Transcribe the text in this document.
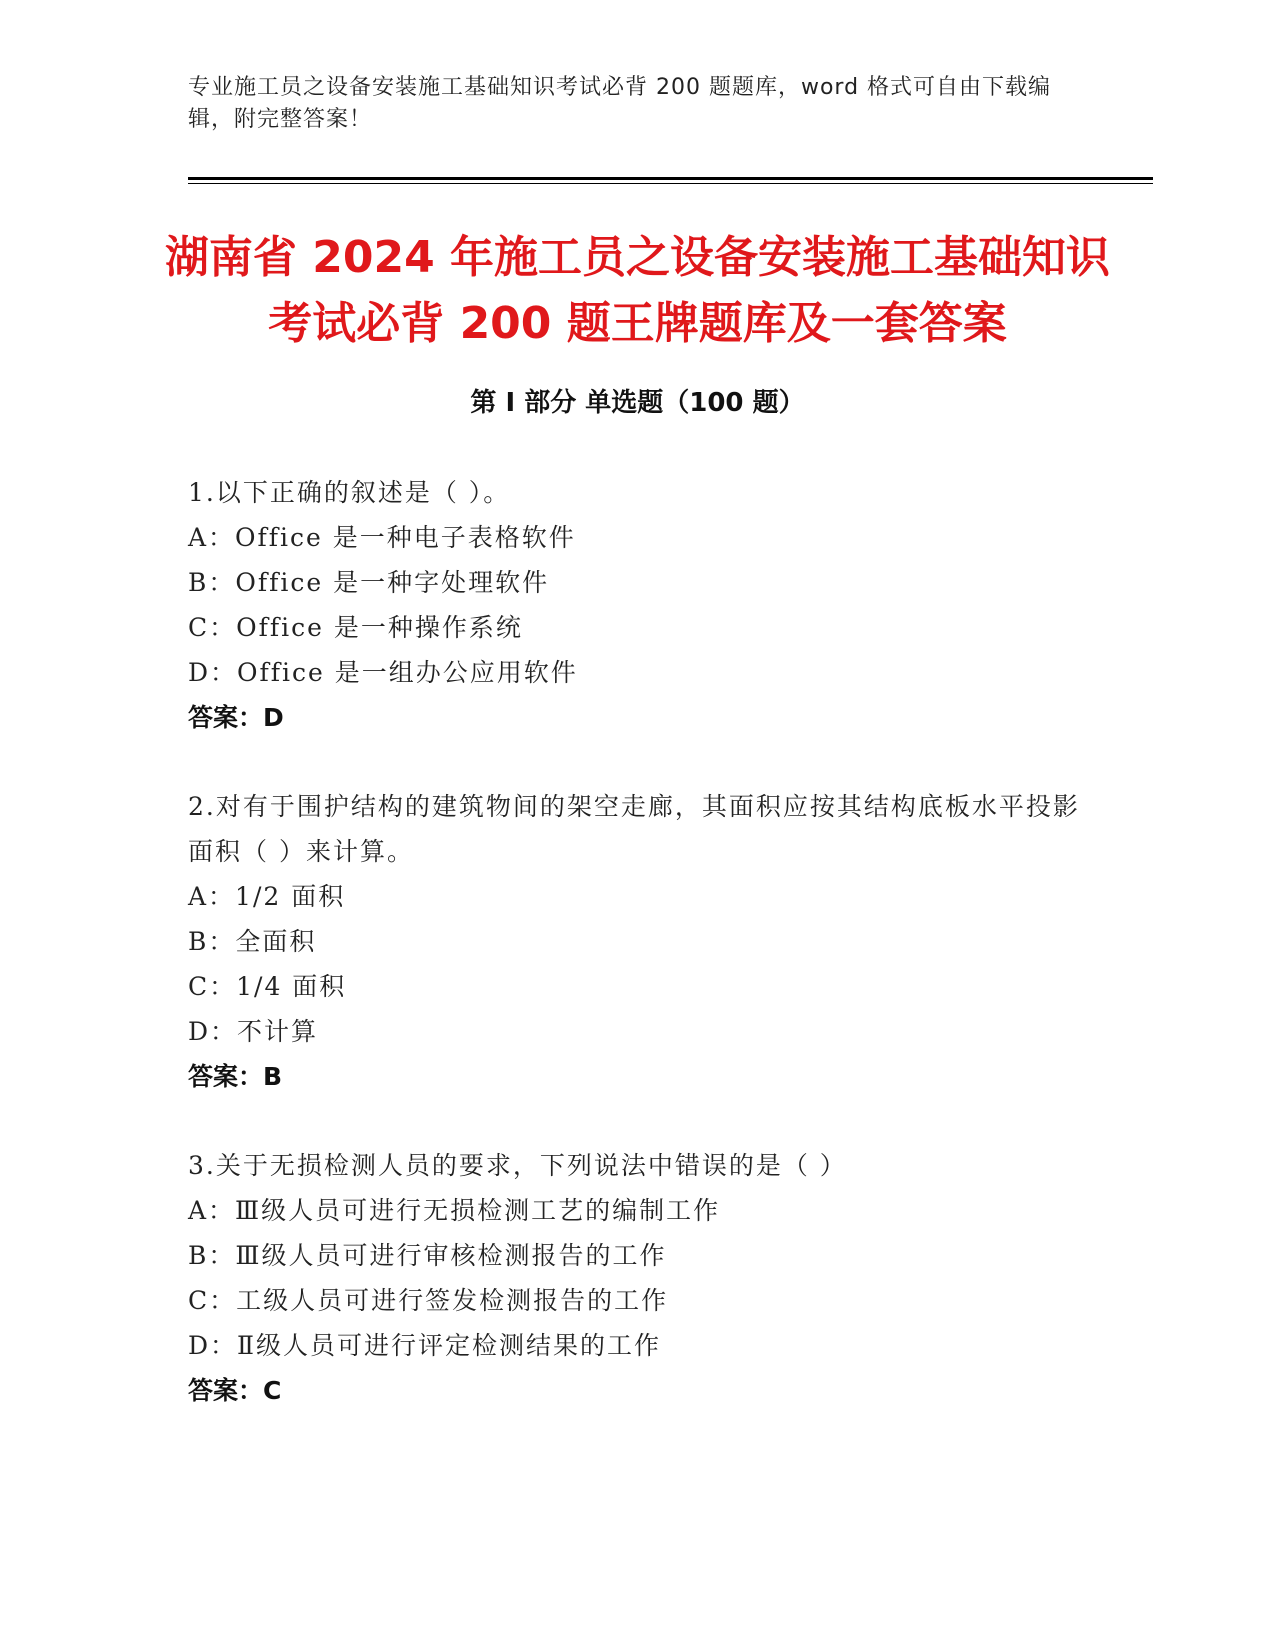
专业施工员之设备安装施工基础知识考试必背 200 题题库，word 格式可自由下载编辑，附完整答案！
湖南省 2024 年施工员之设备安装施工基础知识考试必背 200 题王牌题库及一套答案
第 I 部分 单选题（100 题）
1.以下正确的叙述是（ ）。
A：Office 是一种电子表格软件
B：Office 是一种字处理软件
C：Office 是一种操作系统
D：Office 是一组办公应用软件
答案：D
2.对有于围护结构的建筑物间的架空走廊，其面积应按其结构底板水平投影面积（ ）来计算。
A：1/2 面积
B：全面积
C：1/4 面积
D：不计算
答案：B
3.关于无损检测人员的要求，下列说法中错误的是（ ）
A：Ⅲ级人员可进行无损检测工艺的编制工作
B：Ⅲ级人员可进行审核检测报告的工作
C：工级人员可进行签发检测报告的工作
D：Ⅱ级人员可进行评定检测结果的工作
答案：C
